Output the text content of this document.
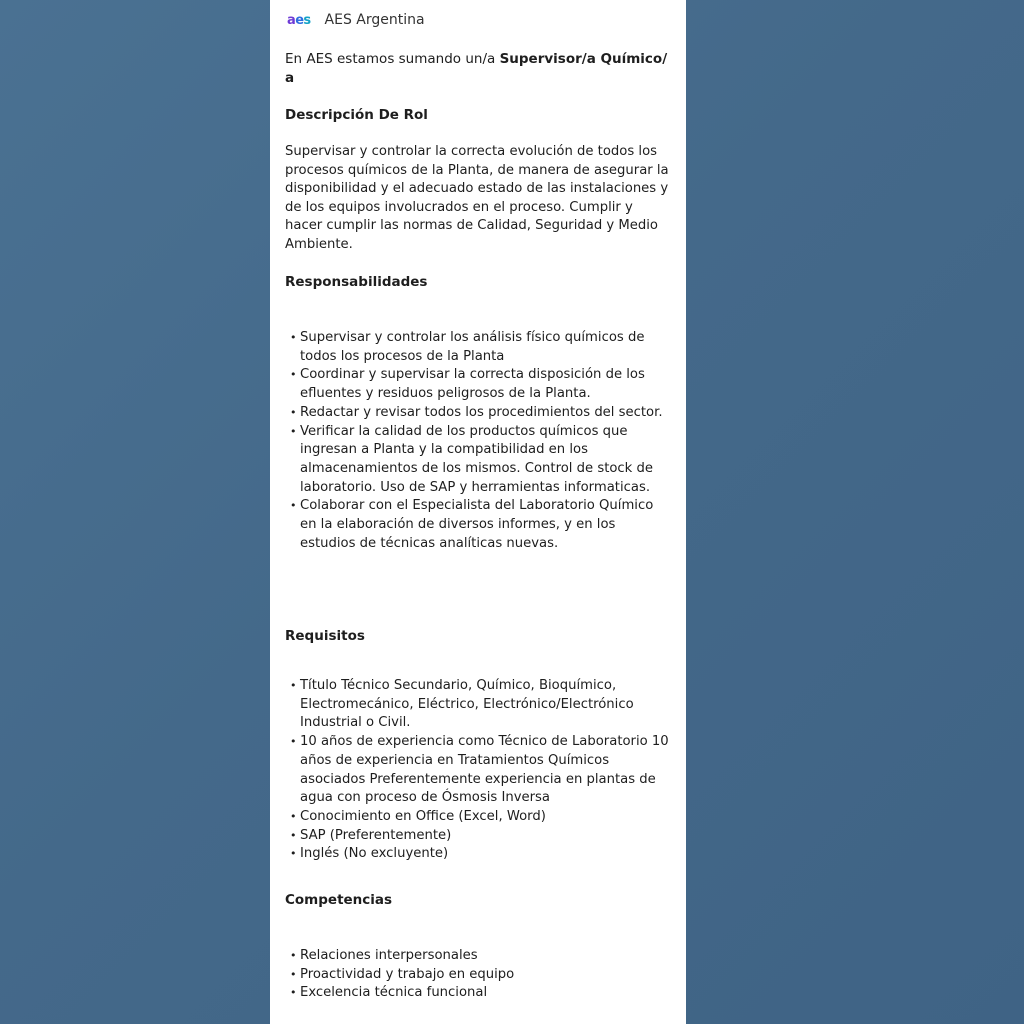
a e s AES Argentina
En AES estamos sumando un/a Supervisor/a Químico/ a
Descripción De Rol

Supervisar y controlar la correcta evolución de todos los procesos químicos de la Planta, de manera de asegurar la disponibilidad y el adecuado estado de las instalaciones y de los equipos involucrados en el proceso. Cumplir y hacer cumplir las normas de Calidad, Seguridad y Medio Ambiente.

Responsabilidades
• Supervisar y controlar los análisis físico químicos de todos los procesos de la Planta
• Coordinar y supervisar la correcta disposición de los efluentes y residuos peligrosos de la Planta.
• Redactar y revisar todos los procedimientos del sector.
• Verificar la calidad de los productos químicos que ingresan a Planta y la compatibilidad en los almacenamientos de los mismos. Control de stock de laboratorio. Uso de SAP y herramientas informaticas.
• Colaborar con el Especialista del Laboratorio Químico en la elaboración de diversos informes, y en los estudios de técnicas analíticas nuevas.
Requisitos
• Título Técnico Secundario, Químico, Bioquímico, Electromecánico, Eléctrico, Electrónico/Electrónico Industrial o Civil.
• 10 años de experiencia como Técnico de Laboratorio 10 años de experiencia en Tratamientos Químicos asociados Preferentemente experiencia en plantas de agua con proceso de Ósmosis Inversa
• Conocimiento en Office (Excel, Word)
• SAP (Preferentemente)
• Inglés (No excluyente)
Competencias
• Relaciones interpersonales
• Proactividad y trabajo en equipo
• Excelencia técnica funcional
